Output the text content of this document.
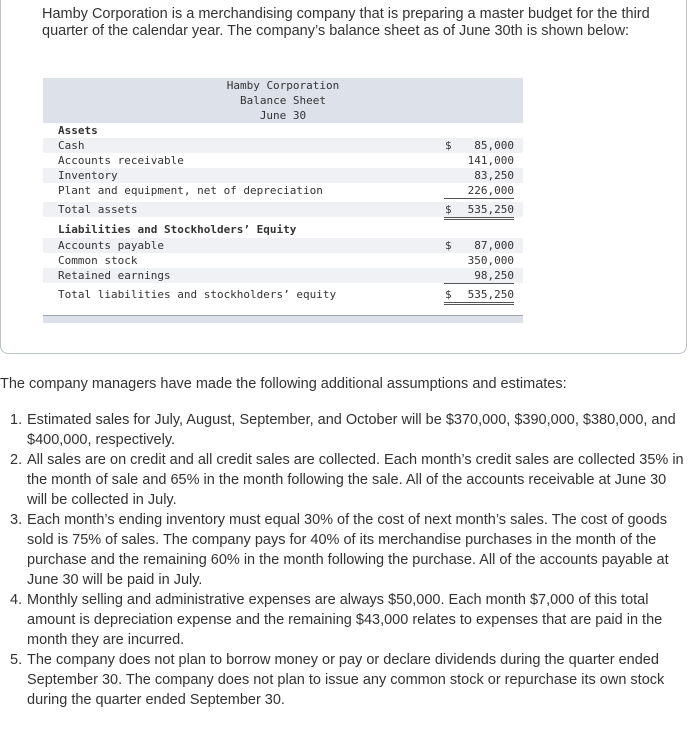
Hamby Corporation is a merchandising company that is preparing a master budget for the third quarter of the calendar year. The company’s balance sheet as of June 30th is shown below:
Hamby Corporation
Balance Sheet
June 30
Assets
Cash	$	85,000
Accounts receivable	141,000
Inventory	83,250
Plant and equipment, net of depreciation	226,000
Total assets	$	535,250
Liabilities and Stockholders’ Equity
Accounts payable	$	87,000
Common stock	350,000
Retained earnings	98,250
Total liabilities and stockholders’ equity	$	535,250
The company managers have made the following additional assumptions and estimates:
1. Estimated sales for July, August, September, and October will be $370,000, $390,000, $380,000, and $400,000, respectively.
2. All sales are on credit and all credit sales are collected. Each month’s credit sales are collected 35% in the month of sale and 65% in the month following the sale. All of the accounts receivable at June 30 will be collected in July.
3. Each month’s ending inventory must equal 30% of the cost of next month’s sales. The cost of goods sold is 75% of sales. The company pays for 40% of its merchandise purchases in the month of the purchase and the remaining 60% in the month following the purchase. All of the accounts payable at June 30 will be paid in July.
4. Monthly selling and administrative expenses are always $50,000. Each month $7,000 of this total amount is depreciation expense and the remaining $43,000 relates to expenses that are paid in the month they are incurred.
5. The company does not plan to borrow money or pay or declare dividends during the quarter ended September 30. The company does not plan to issue any common stock or repurchase its own stock during the quarter ended September 30.
